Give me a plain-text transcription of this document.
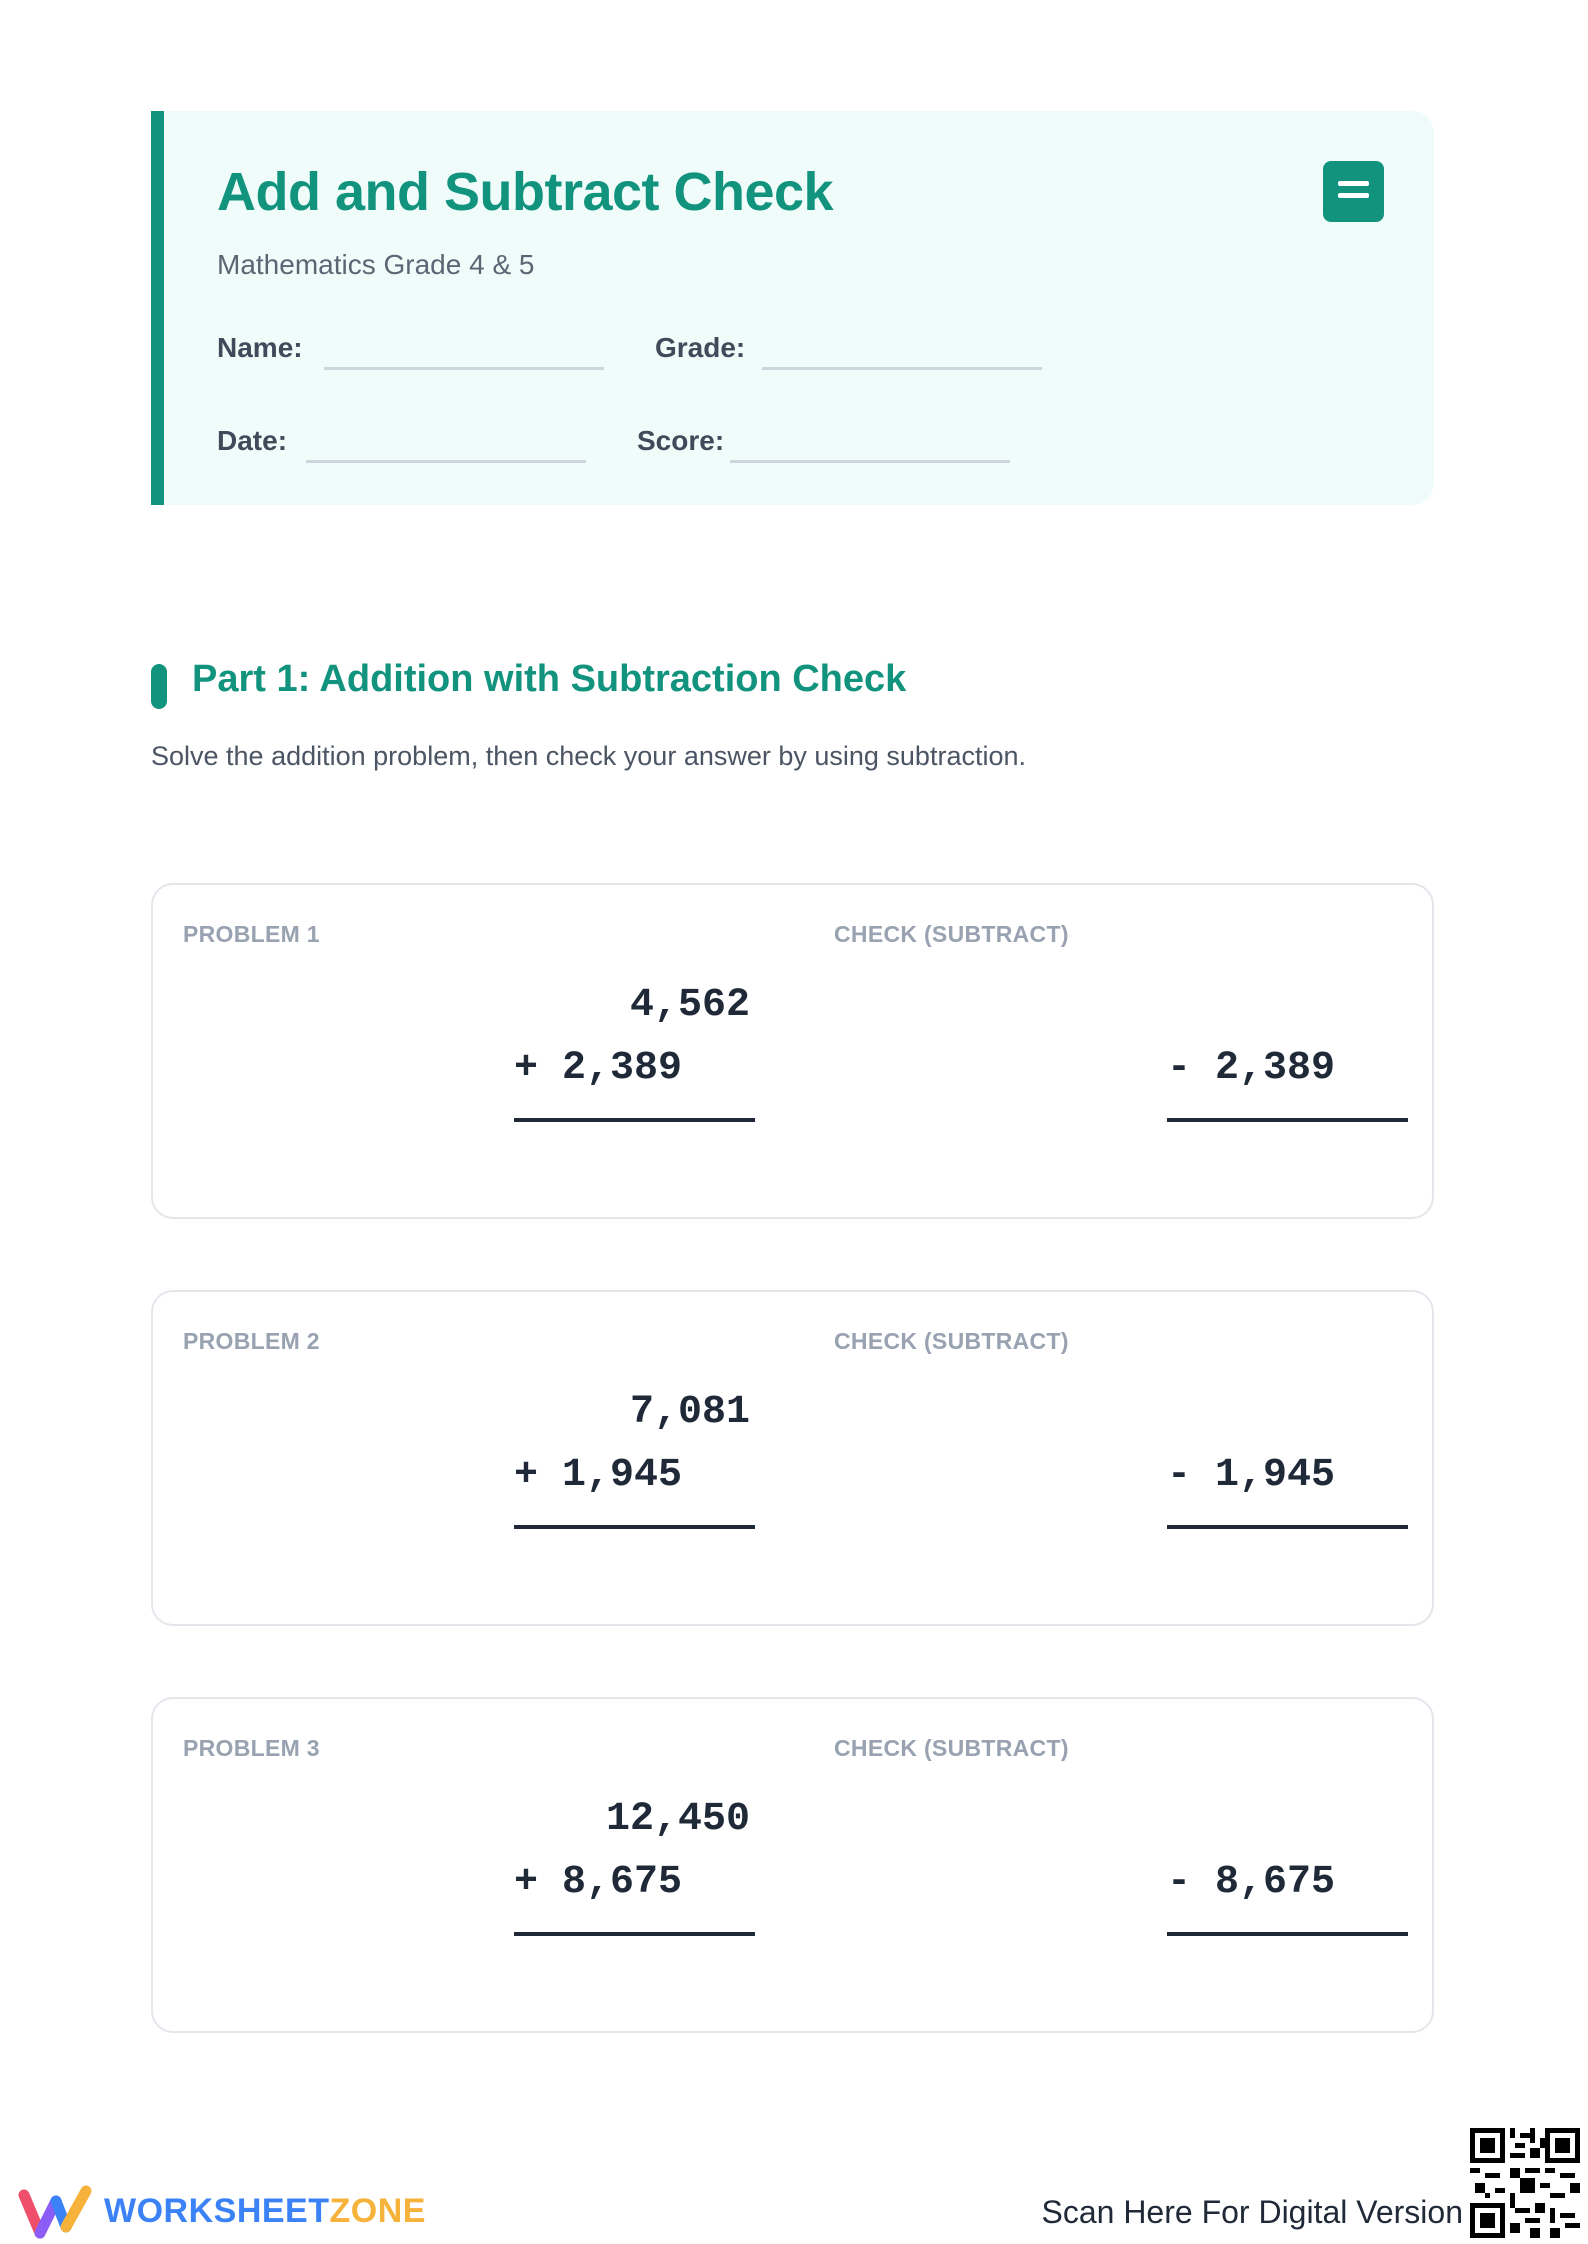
Add and Subtract Check
Mathematics Grade 4 & 5
Name:	Grade:
Date:	Score:
Part 1: Addition with Subtraction Check
Solve the addition problem, then check your answer by using subtraction.
PROBLEM 1	CHECK (SUBTRACT)
4,562
+ 2,389	- 2,389
PROBLEM 2	CHECK (SUBTRACT)
7,081
+ 1,945	- 1,945
PROBLEM 3	CHECK (SUBTRACT)
12,450
+ 8,675	- 8,675
WORKSHEETZONE	Scan Here For Digital Version
